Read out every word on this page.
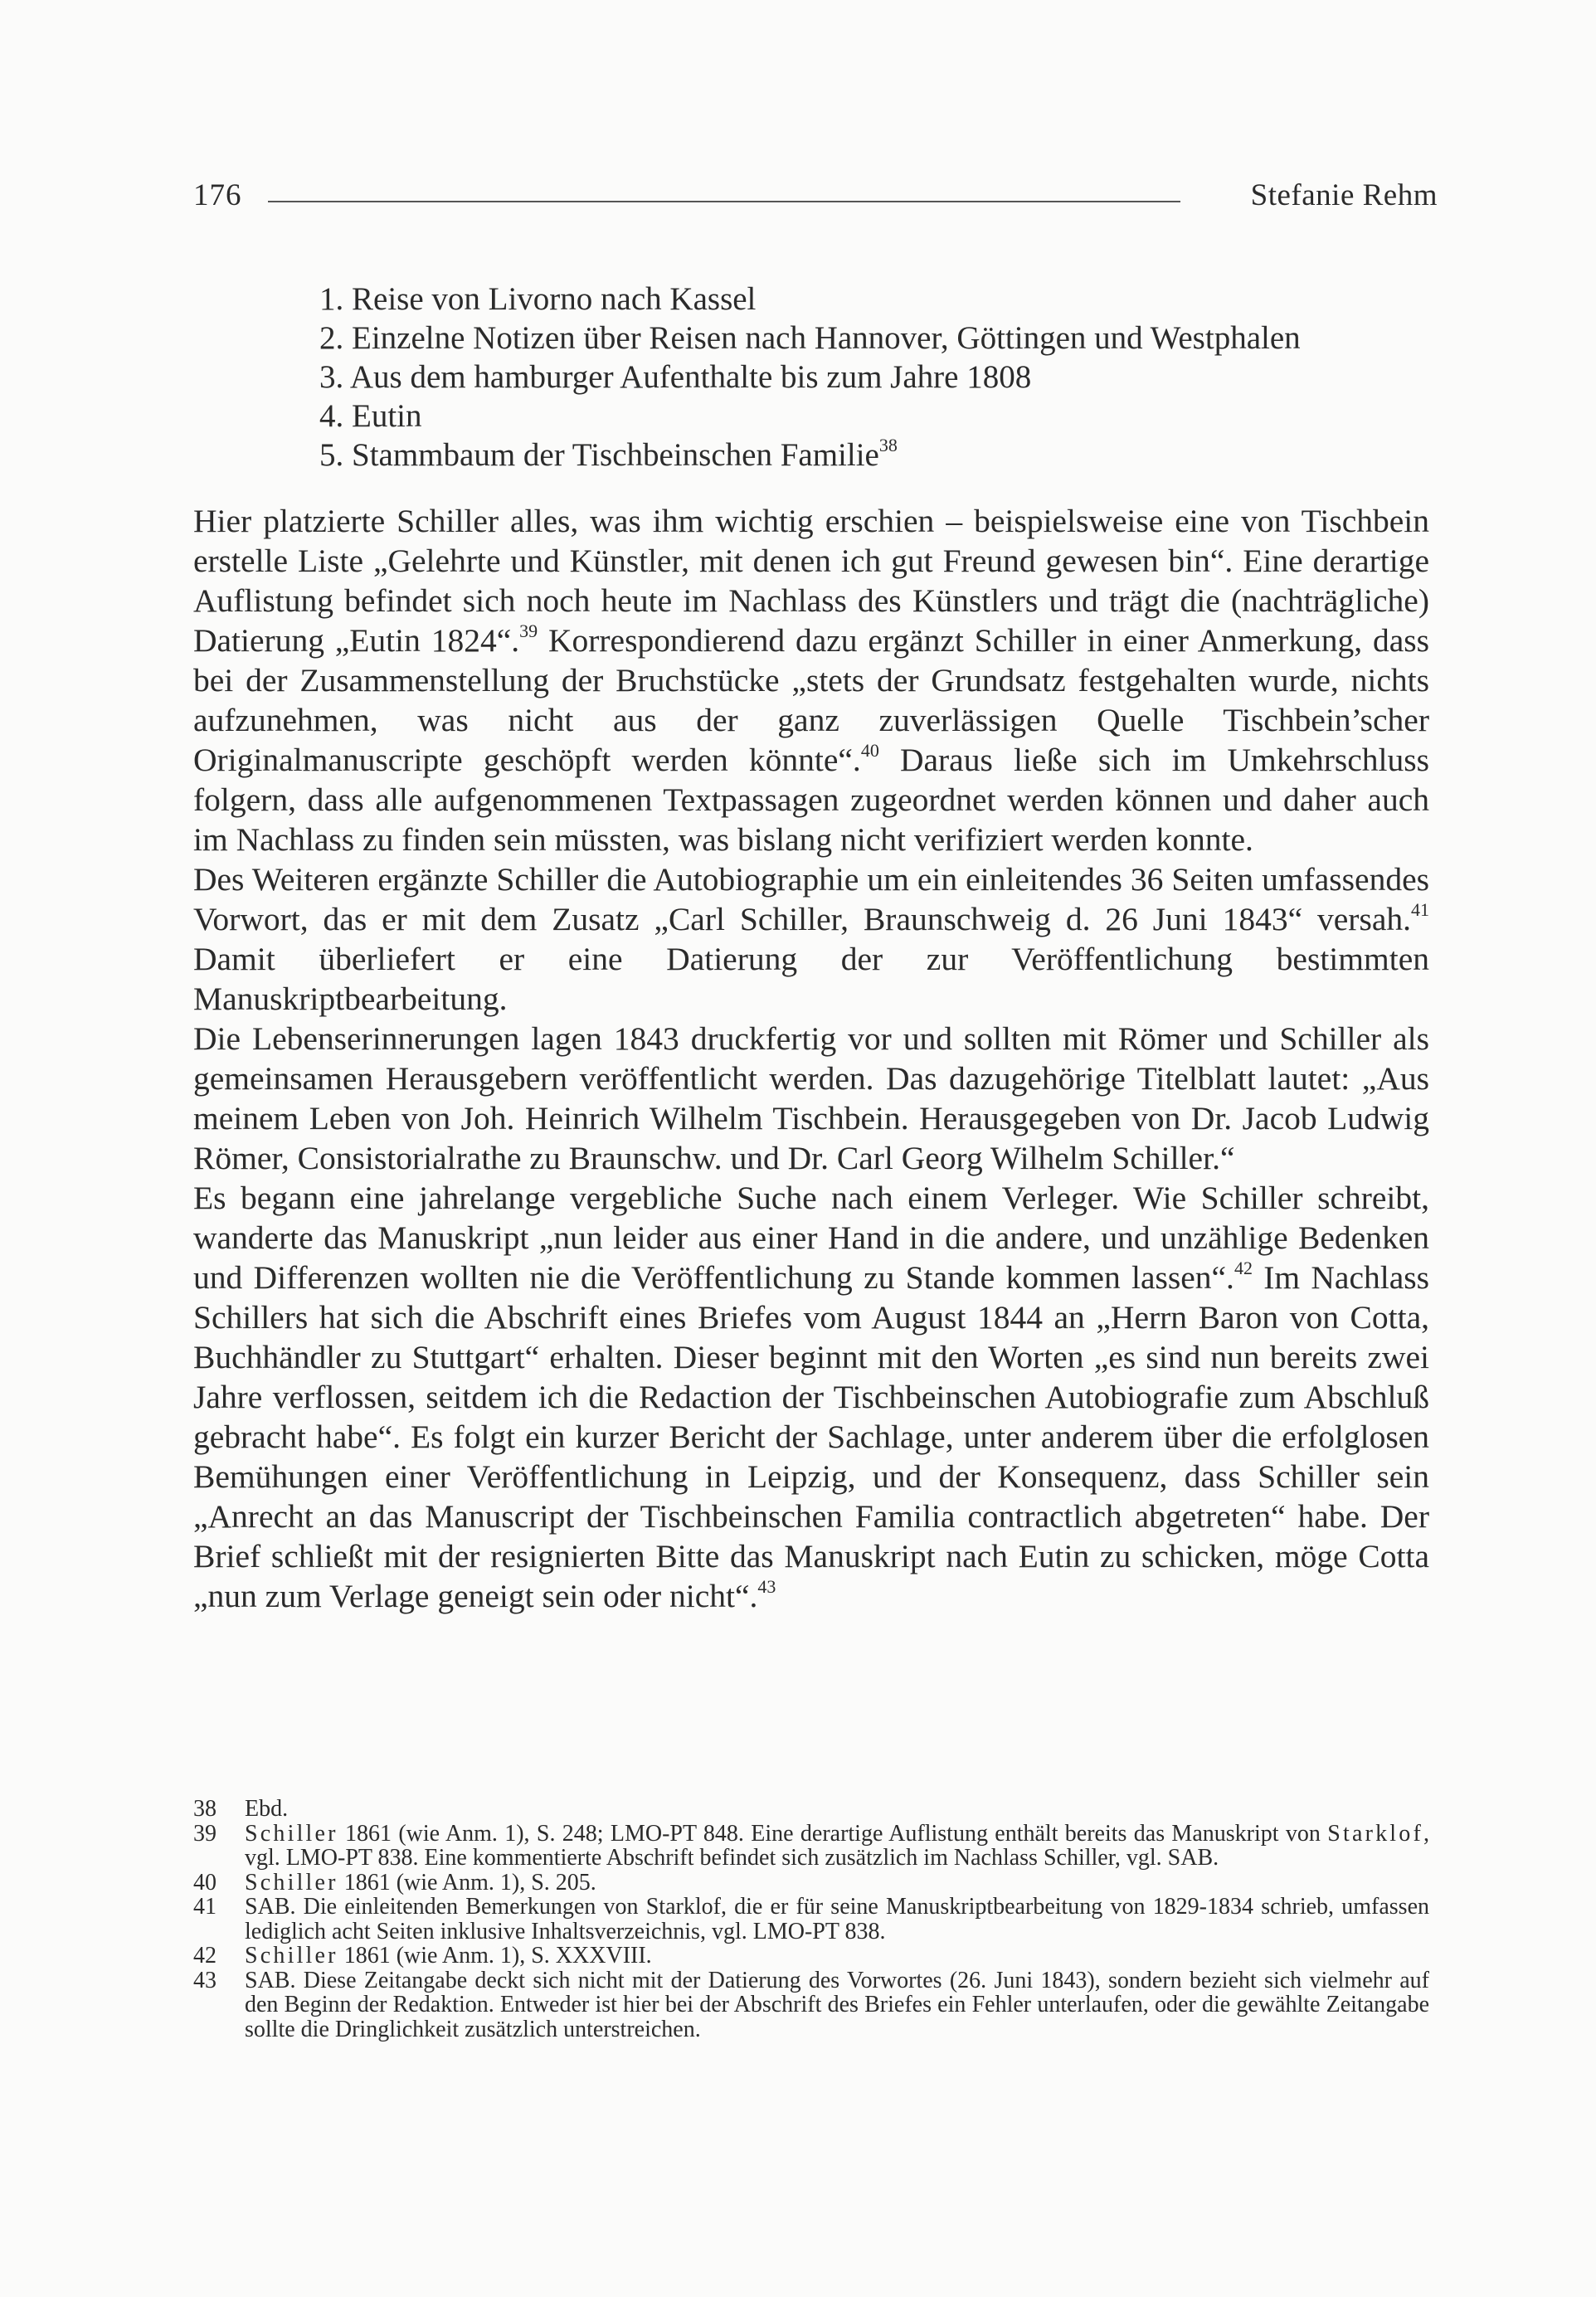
176	Stefanie Rehm
1. Reise von Livorno nach Kassel
2. Einzelne Notizen über Reisen nach Hannover, Göttingen und Westphalen
3. Aus dem hamburger Aufenthalte bis zum Jahre 1808
4. Eutin
5. Stammbaum der Tischbeinschen Familie$^{38}$

Hier platzierte Schiller alles, was ihm wichtig erschien – beispielsweise eine von Tischbein erstelle Liste „Gelehrte und Künstler, mit denen ich gut Freund gewesen bin“. Eine derartige Auflistung befindet sich noch heute im Nachlass des Künstlers und trägt die (nachträgliche) Datierung „Eutin 1824“.$^{39}$ Korrespondierend dazu ergänzt Schiller in einer Anmerkung, dass bei der Zusammenstellung der Bruchstücke „stets der Grundsatz festgehalten wurde, nichts aufzunehmen, was nicht aus der ganz zuverlässigen Quelle Tischbein’scher Originalmanuscripte geschöpft werden könnte“.$^{40}$ Daraus ließe sich im Umkehrschluss folgern, dass alle aufgenommenen Textpassagen zugeordnet werden können und daher auch im Nachlass zu finden sein müssten, was bislang nicht verifiziert werden konnte.

Des Weiteren ergänzte Schiller die Autobiographie um ein einleitendes 36 Seiten umfassendes Vorwort, das er mit dem Zusatz „Carl Schiller, Braunschweig d. 26 Juni 1843“ versah.$^{41}$ Damit überliefert er eine Datierung der zur Veröffentlichung bestimmten Manuskriptbearbeitung.

Die Lebenserinnerungen lagen 1843 druckfertig vor und sollten mit Römer und Schiller als gemeinsamen Herausgebern veröffentlicht werden. Das dazugehörige Titelblatt lautet: „Aus meinem Leben von Joh. Heinrich Wilhelm Tischbein. Herausgegeben von Dr. Jacob Ludwig Römer, Consistorialrathe zu Braunschw. und Dr. Carl Georg Wilhelm Schiller.“

Es begann eine jahrelange vergebliche Suche nach einem Verleger. Wie Schiller schreibt, wanderte das Manuskript „nun leider aus einer Hand in die andere, und unzählige Bedenken und Differenzen wollten nie die Veröffentlichung zu Stande kommen lassen“.$^{42}$ Im Nachlass Schillers hat sich die Abschrift eines Briefes vom August 1844 an „Herrn Baron von Cotta, Buchhändler zu Stuttgart“ erhalten. Dieser beginnt mit den Worten „es sind nun bereits zwei Jahre verflossen, seitdem ich die Redaction der Tischbeinschen Autobiografie zum Abschluß gebracht habe“. Es folgt ein kurzer Bericht der Sachlage, unter anderem über die erfolglosen Bemühungen einer Veröffentlichung in Leipzig, und der Konsequenz, dass Schiller sein „Anrecht an das Manuscript der Tischbeinschen Familia contractlich abgetreten“ habe. Der Brief schließt mit der resignierten Bitte das Manuskript nach Eutin zu schicken, möge Cotta „nun zum Verlage geneigt sein oder nicht“.$^{43}$

38 Ebd.
39 Schiller 1861 (wie Anm. 1), S. 248; LMO-PT 848. Eine derartige Auflistung enthält bereits das Manuskript von Starklof, vgl. LMO-PT 838. Eine kommentierte Abschrift befindet sich zusätzlich im Nachlass Schiller, vgl. SAB.
40 Schiller 1861 (wie Anm. 1), S. 205.
41 SAB. Die einleitenden Bemerkungen von Starklof, die er für seine Manuskriptbearbeitung von 1829-1834 schrieb, umfassen lediglich acht Seiten inklusive Inhaltsverzeichnis, vgl. LMO-PT 838.
42 Schiller 1861 (wie Anm. 1), S. XXXVIII.
43 SAB. Diese Zeitangabe deckt sich nicht mit der Datierung des Vorwortes (26. Juni 1843), sondern bezieht sich vielmehr auf den Beginn der Redaktion. Entweder ist hier bei der Abschrift des Briefes ein Fehler unterlaufen, oder die gewählte Zeitangabe sollte die Dringlichkeit zusätzlich unterstreichen.
